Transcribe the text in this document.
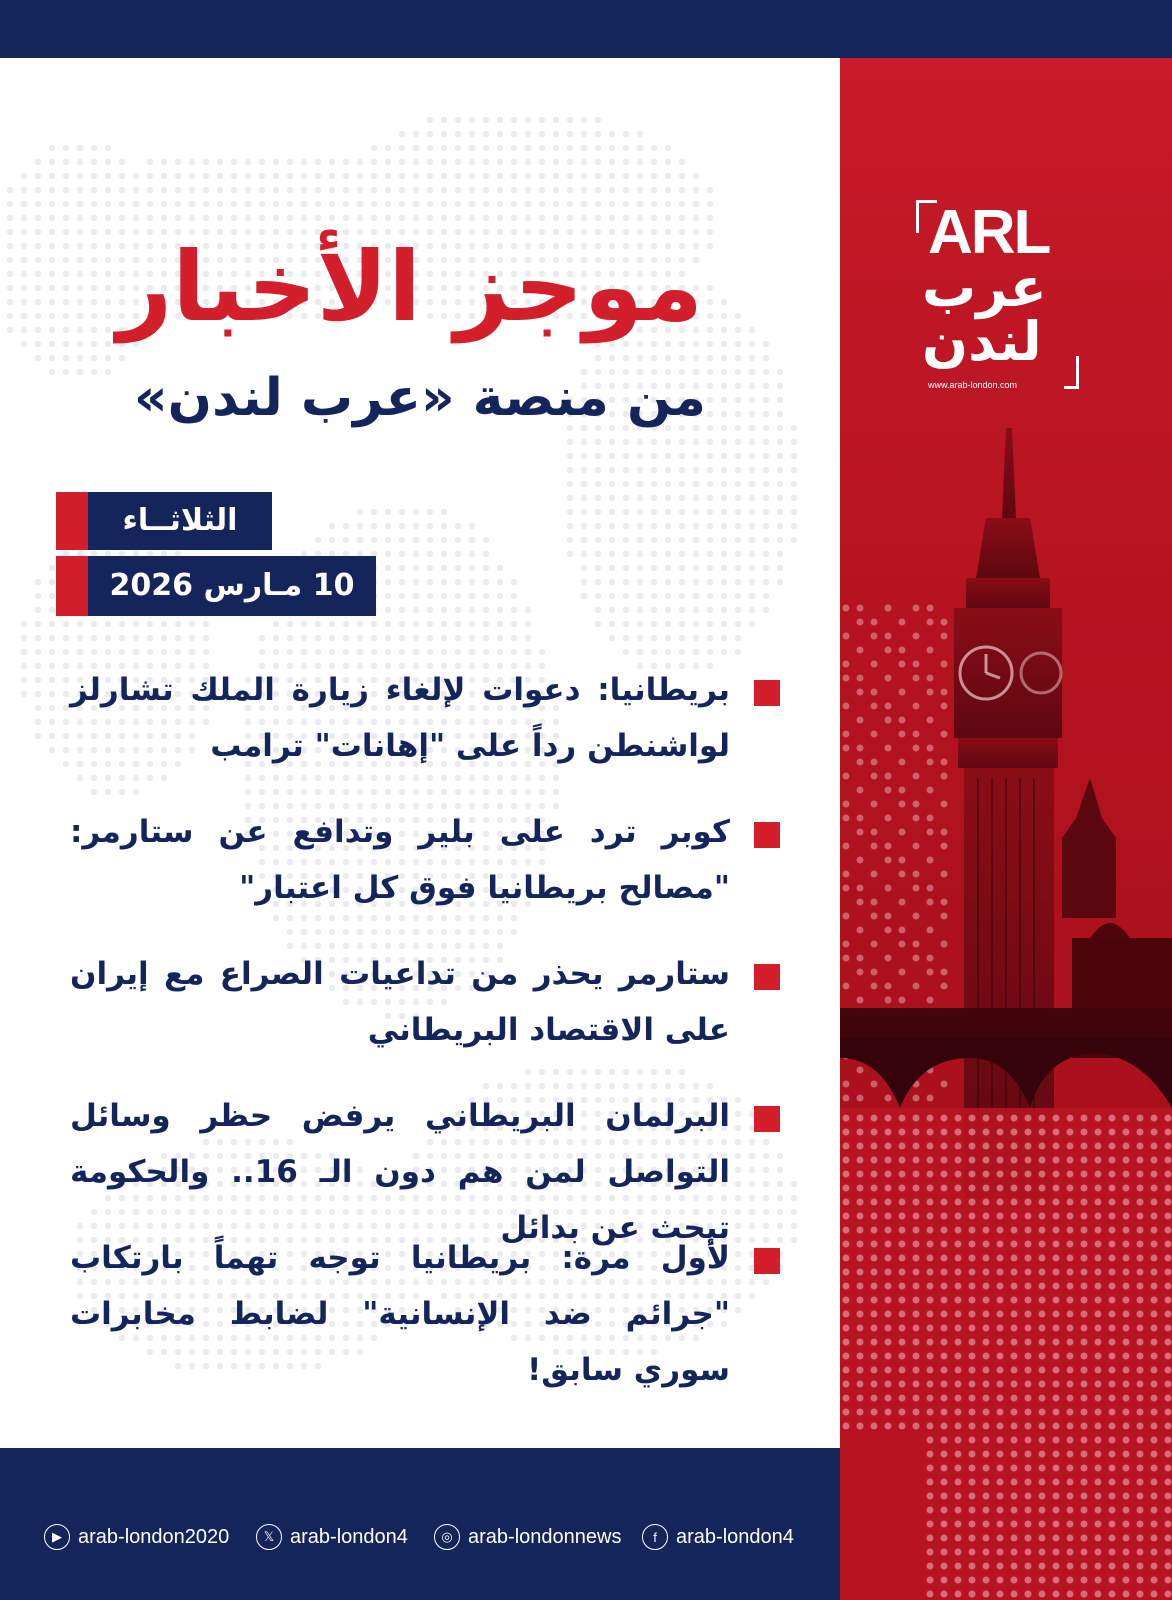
ARL
عرب
لندن
www.arab-london.com
موجز الأخبار
من منصة «عرب لندن»
الثلاثــاء
10 مـارس 2026
بريطانيا: دعوات لإلغاء زيارة الملك تشارلز لواشنطن رداً على "إهانات" ترامب
كوبر ترد على بلير وتدافع عن ستارمر: "مصالح بريطانيا فوق كل اعتبار"
ستارمر يحذر من تداعيات الصراع مع إيران على الاقتصاد البريطاني
البرلمان البريطاني يرفض حظر وسائل التواصل لمن هم دون الـ 16.. والحكومة تبحث عن بدائل
لأول مرة: بريطانيا توجه تهماً بارتكاب "جرائم ضد الإنسانية" لضابط مخابرات سوري سابق!
▶ arab-london2020	𝕏 arab-london4	◎ arab-londonnews	f arab-london4
